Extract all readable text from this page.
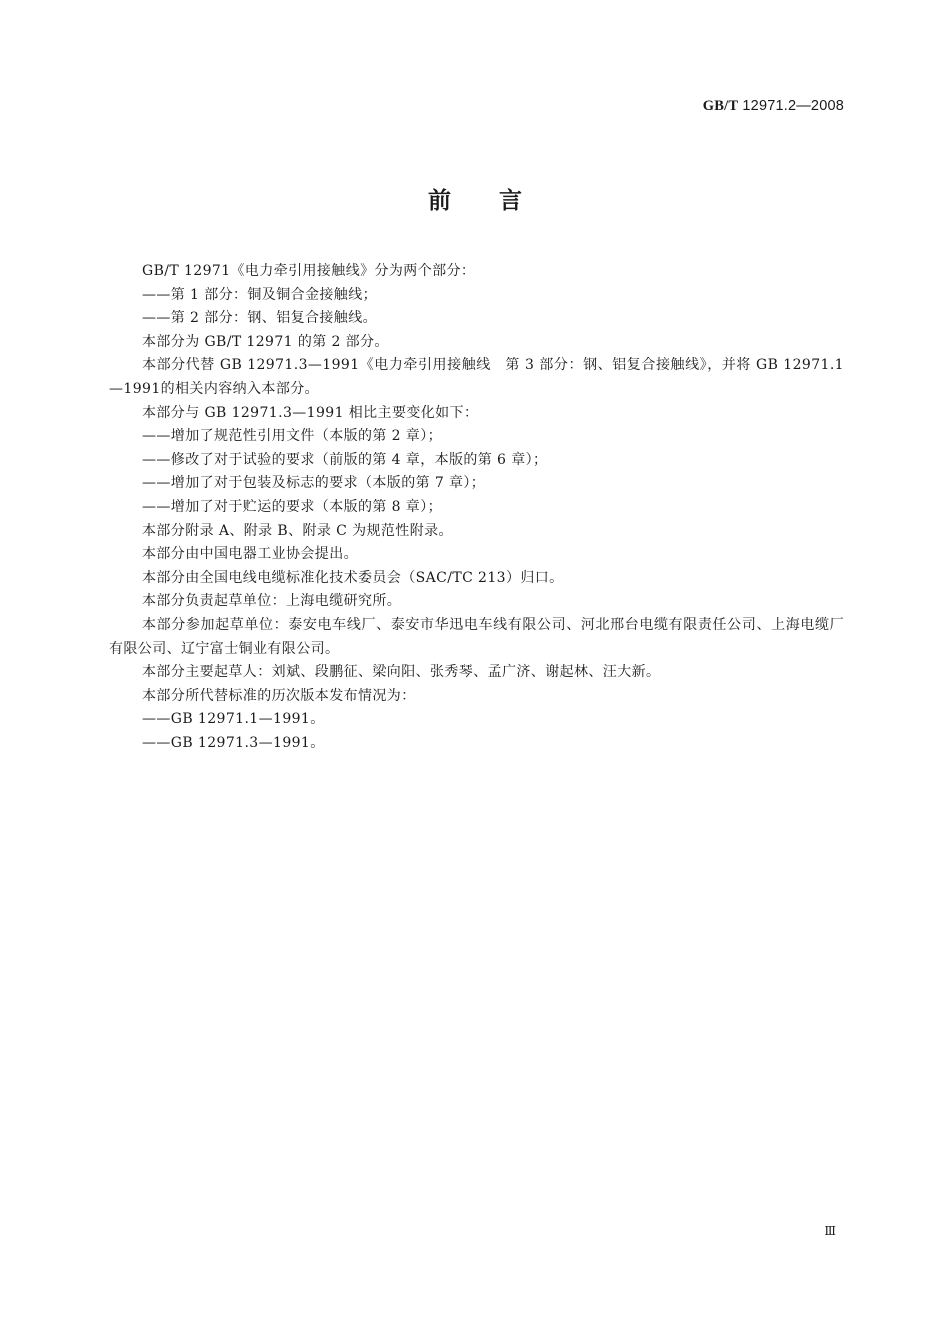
GB/T 12971.2—2008
前言

GB/T 12971《电力牵引用接触线》分为两个部分：

——第 1 部分：铜及铜合金接触线；

——第 2 部分：钢、铝复合接触线。

本部分为 GB/T 12971 的第 2 部分。

本部分代替 GB 12971.3—1991《电力牵引用接触线　第 3 部分：钢、铝复合接触线》，并将 GB 12971.1—1991的相关内容纳入本部分。

本部分与 GB 12971.3—1991 相比主要变化如下：

——增加了规范性引用文件（本版的第 2 章）；

——修改了对于试验的要求（前版的第 4 章，本版的第 6 章）；

——增加了对于包装及标志的要求（本版的第 7 章）；

——增加了对于贮运的要求（本版的第 8 章）；

本部分附录 A、附录 B、附录 C 为规范性附录。

本部分由中国电器工业协会提出。

本部分由全国电线电缆标准化技术委员会（SAC/TC 213）归口。

本部分负责起草单位：上海电缆研究所。

本部分参加起草单位：泰安电车线厂、泰安市华迅电车线有限公司、河北邢台电缆有限责任公司、上海电缆厂有限公司、辽宁富士铜业有限公司。

本部分主要起草人：刘斌、段鹏征、梁向阳、张秀琴、孟广济、谢起林、汪大新。

本部分所代替标准的历次版本发布情况为：

——GB 12971.1—1991。

——GB 12971.3—1991。

Ⅲ
